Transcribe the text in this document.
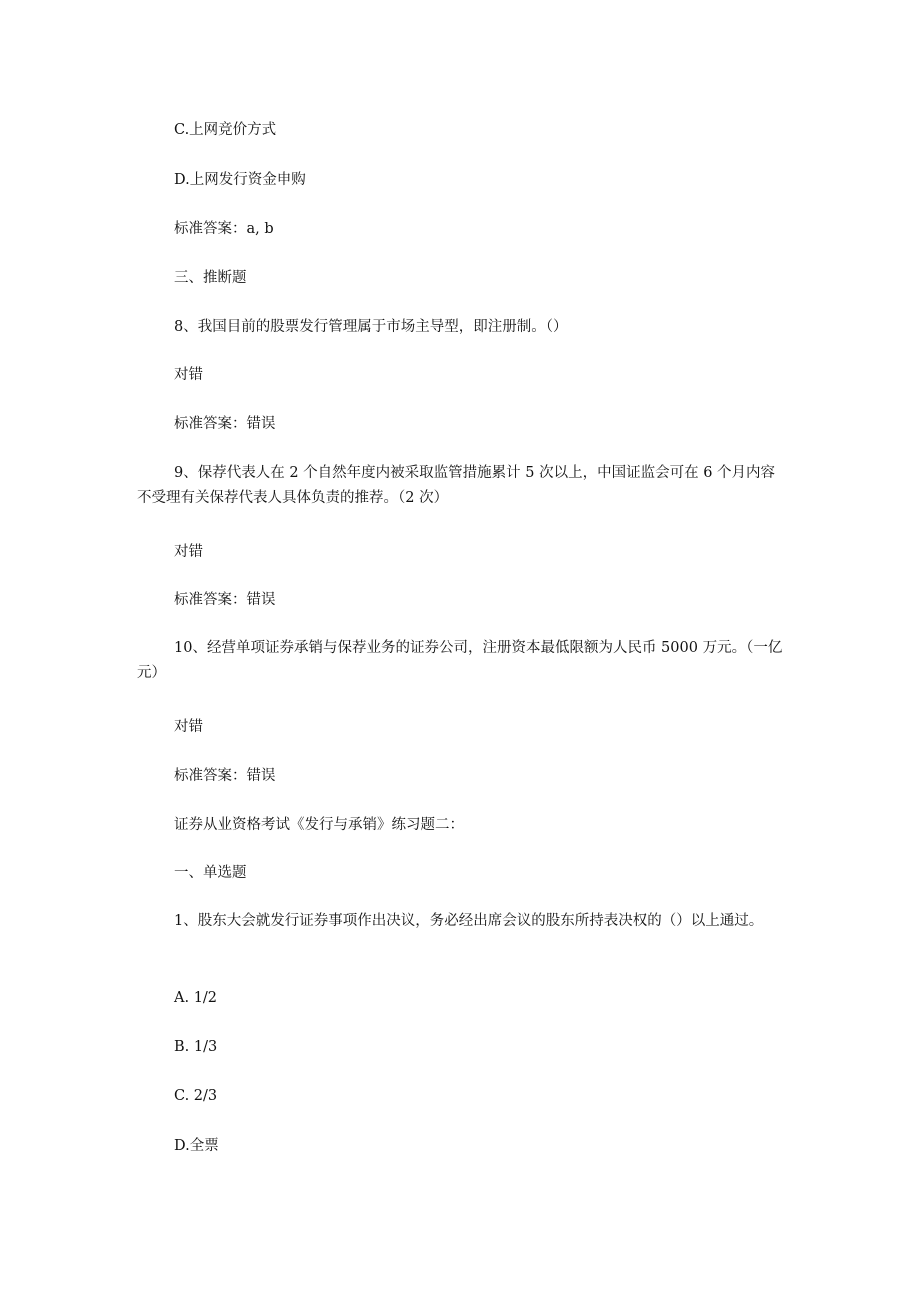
C.上网竞价方式
D.上网发行资金申购
标准答案：a, b
三、推断题
8、我国目前的股票发行管理属于市场主导型，即注册制。（）
对错
标准答案：错误
9、保荐代表人在 2 个自然年度内被采取监管措施累计 5 次以上，中国证监会可在 6 个月内容不受理有关保荐代表人具体负责的推荐。（2 次）
对错
标准答案：错误
10、经营单项证券承销与保荐业务的证券公司，注册资本最低限额为人民币 5000 万元。（一亿元）
对错
标准答案：错误
证券从业资格考试《发行与承销》练习题二：
一、单选题
1、股东大会就发行证券事项作出决议，务必经出席会议的股东所持表决权的（）以上通过。
A. 1/2
B. 1/3
C. 2/3
D.全票
